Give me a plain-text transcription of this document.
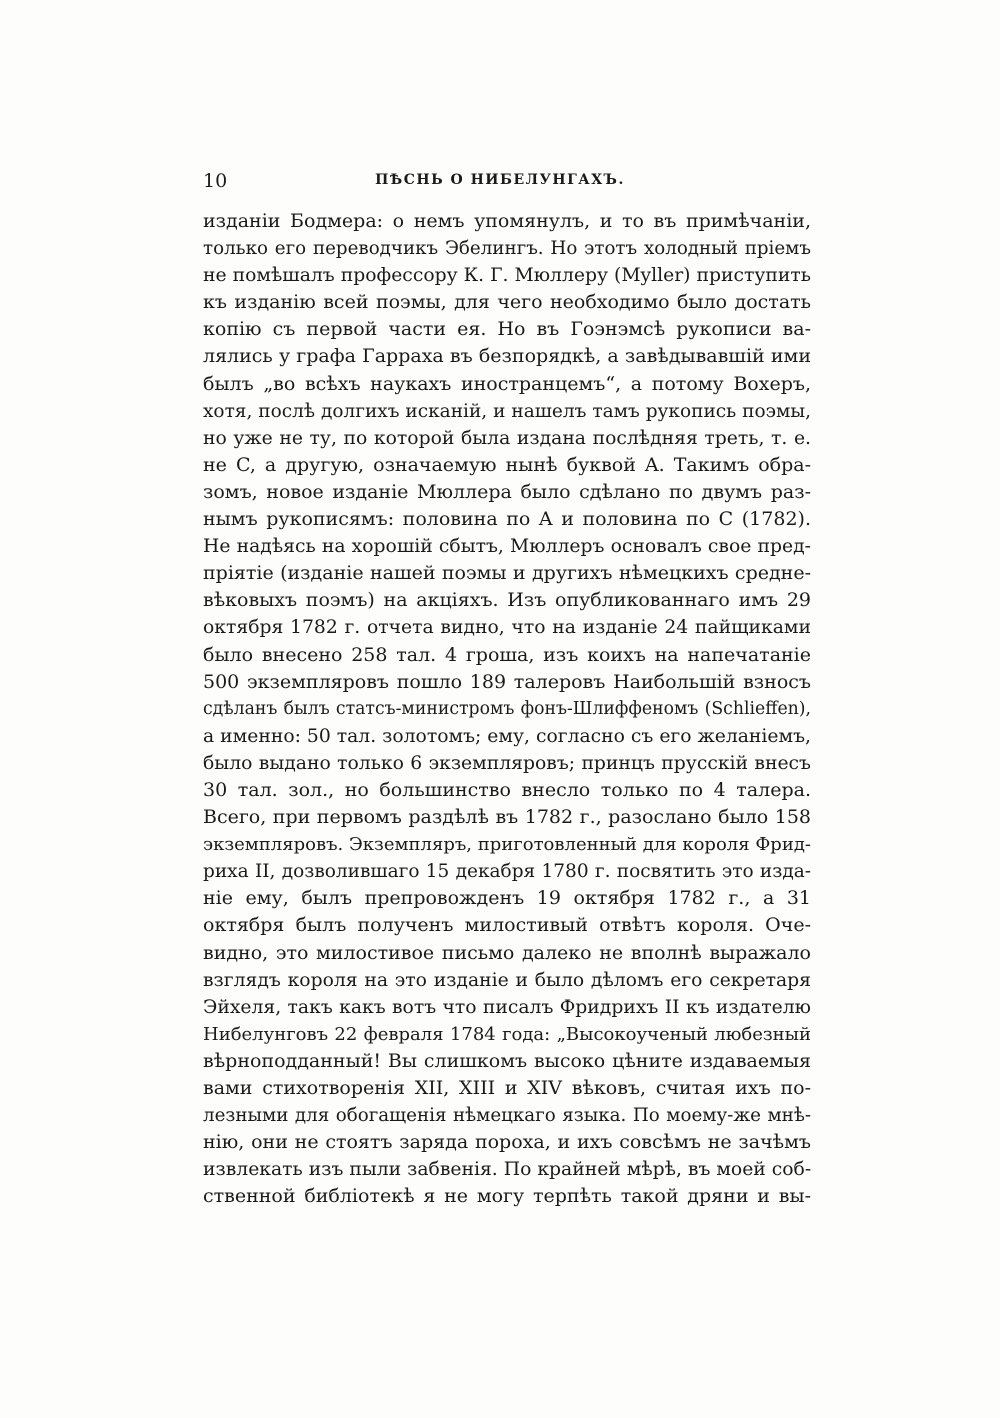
10	ПѢСНЬ О НИБЕЛУНГАХЪ.
изданіи Бодмера: о немъ упомянулъ, и то въ примѣчаніи,
только его переводчикъ Эбелингъ. Но этотъ холодный пріемъ
не помѣшалъ профессору К. Г. Мюллеру (Myller) приступить
къ изданію всей поэмы, для чего необходимо было достать
копію съ первой части ея. Но въ Гоэнэмсѣ рукописи ва-
лялись у графа Гарраха въ безпорядкѣ, а завѣдывавшій ими
былъ „во всѣхъ наукахъ иностранцемъ“, а потому Вохеръ,
хотя, послѣ долгихъ исканій, и нашелъ тамъ рукопись поэмы,
но уже не ту, по которой была издана послѣдняя треть, т. е.
не C, а другую, означаемую нынѣ буквой A. Такимъ обра-
зомъ, новое изданіе Мюллера было сдѣлано по двумъ раз-
нымъ рукописямъ: половина по A и половина по C (1782).
Не надѣясь на хорошій сбытъ, Мюллеръ основалъ свое пред-
пріятіе (изданіе нашей поэмы и другихъ нѣмецкихъ средне-
вѣковыхъ поэмъ) на акціяхъ. Изъ опубликованнаго имъ 29
октября 1782 г. отчета видно, что на изданіе 24 пайщиками
было внесено 258 тал. 4 гроша, изъ коихъ на напечатаніе
500 экземпляровъ пошло 189 талеровъ Наибольшій взносъ
сдѣланъ былъ статсъ-министромъ фонъ-Шлиффеномъ (Schlieffen),
а именно: 50 тал. золотомъ; ему, согласно съ его желаніемъ,
было выдано только 6 экземпляровъ; принцъ прусскій внесъ
30 тал. зол., но большинство внесло только по 4 талера.
Всего, при первомъ раздѣлѣ въ 1782 г., разослано было 158
экземпляровъ. Экземпляръ, приготовленный для короля Фрид-
риха II, дозволившаго 15 декабря 1780 г. посвятить это изда-
ніе ему, былъ препровожденъ 19 октября 1782 г., а 31
октября былъ полученъ милостивый отвѣтъ короля. Оче-
видно, это милостивое письмо далеко не вполнѣ выражало
взглядъ короля на это изданіе и было дѣломъ его секретаря
Эйхеля, такъ какъ вотъ что писалъ Фридрихъ II къ издателю
Нибелунговъ 22 февраля 1784 года: „Высокоученый любезный
вѣрноподданный! Вы слишкомъ высоко цѣните издаваемыя
вами стихотворенія XII, XIII и XIV вѣковъ, считая ихъ по-
лезными для обогащенія нѣмецкаго языка. По моему-же мнѣ-
нію, они не стоятъ заряда пороха, и ихъ совсѣмъ не зачѣмъ
извлекать изъ пыли забвенія. По крайней мѣрѣ, въ моей соб-
ственной библіотекѣ я не могу терпѣть такой дряни и вы-
